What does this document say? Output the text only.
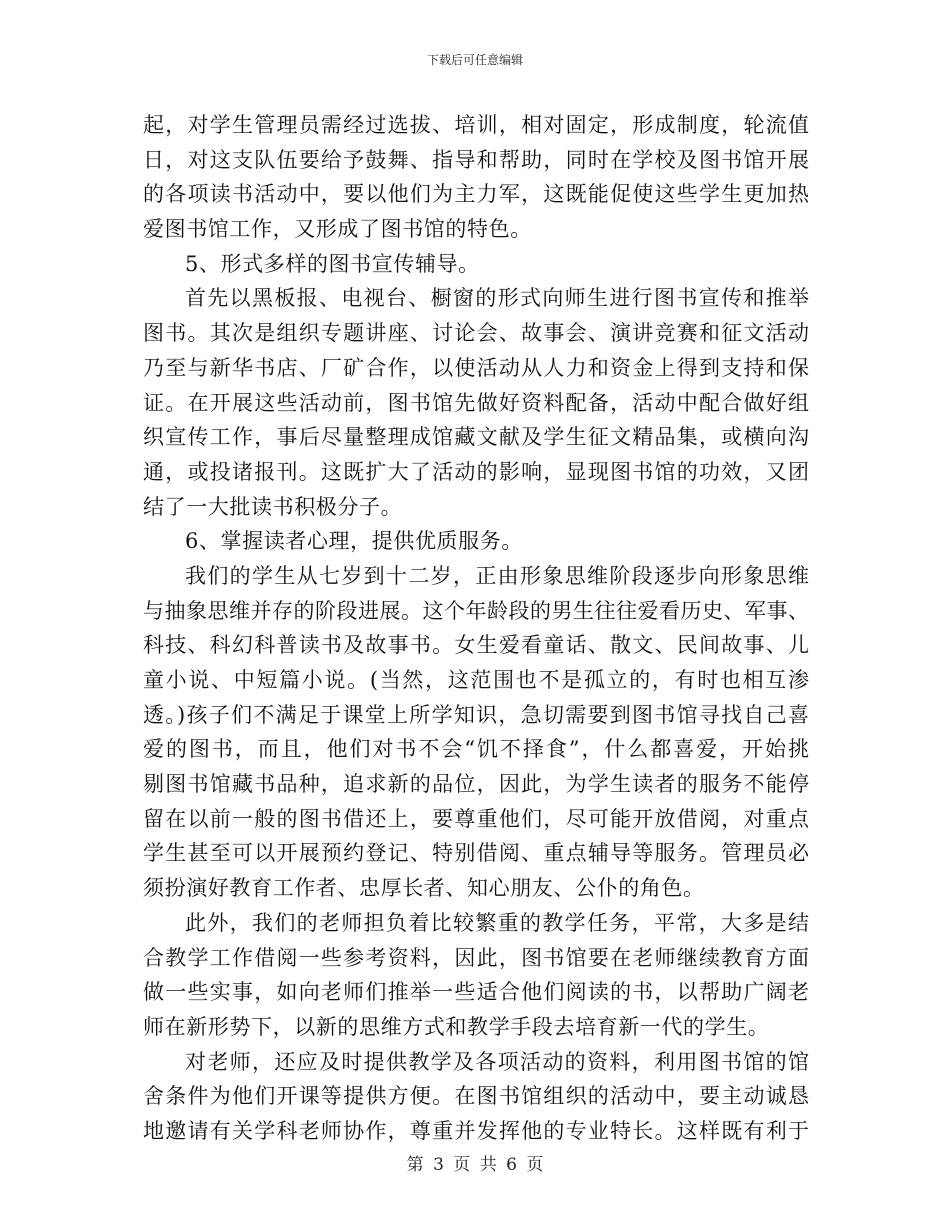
下载后可任意编辑
起，对学生管理员需经过选拔、培训，相对固定，形成制度，轮流值
日，对这支队伍要给予鼓舞、指导和帮助，同时在学校及图书馆开展
的各项读书活动中，要以他们为主力军，这既能促使这些学生更加热
爱图书馆工作，又形成了图书馆的特色。
5、形式多样的图书宣传辅导。
首先以黑板报、电视台、橱窗的形式向师生进行图书宣传和推举
图书。其次是组织专题讲座、讨论会、故事会、演讲竞赛和征文活动
乃至与新华书店、厂矿合作，以使活动从人力和资金上得到支持和保
证。在开展这些活动前，图书馆先做好资料配备，活动中配合做好组
织宣传工作，事后尽量整理成馆藏文献及学生征文精品集，或横向沟
通，或投诸报刊。这既扩大了活动的影响，显现图书馆的功效，又团
结了一大批读书积极分子。
6、掌握读者心理，提供优质服务。
我们的学生从七岁到十二岁，正由形象思维阶段逐步向形象思维
与抽象思维并存的阶段进展。这个年龄段的男生往往爱看历史、军事、
科技、科幻科普读书及故事书。女生爱看童话、散文、民间故事、儿
童小说、中短篇小说。(当然，这范围也不是孤立的，有时也相互渗
透。)孩子们不满足于课堂上所学知识，急切需要到图书馆寻找自己喜
爱的图书，而且，他们对书不会“饥不择食”，什么都喜爱，开始挑
剔图书馆藏书品种，追求新的品位，因此，为学生读者的服务不能停
留在以前一般的图书借还上，要尊重他们，尽可能开放借阅，对重点
学生甚至可以开展预约登记、特别借阅、重点辅导等服务。管理员必
须扮演好教育工作者、忠厚长者、知心朋友、公仆的角色。
此外，我们的老师担负着比较繁重的教学任务，平常，大多是结
合教学工作借阅一些参考资料，因此，图书馆要在老师继续教育方面
做一些实事，如向老师们推举一些适合他们阅读的书，以帮助广阔老
师在新形势下，以新的思维方式和教学手段去培育新一代的学生。
对老师，还应及时提供教学及各项活动的资料，利用图书馆的馆
舍条件为他们开课等提供方便。在图书馆组织的活动中，要主动诚恳
地邀请有关学科老师协作，尊重并发挥他的专业特长。这样既有利于
第 3 页 共 6 页
